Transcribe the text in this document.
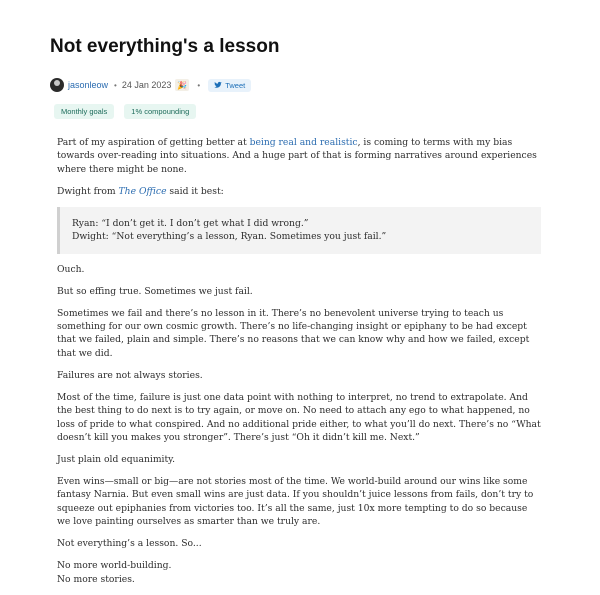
Not everything's a lesson
jasonleow • 24 Jan 2023 🎉 •	Tweet
Monthly goals	1% compounding

Part of my aspiration of getting better at being real and realistic, is coming to terms with my bias towards over-reading into situations. And a huge part of that is forming narratives around experiences where there might be none.

Dwight from The Office said it best:

Ryan: “I don’t get it. I don’t get what I did wrong.”

Dwight: “Not everything’s a lesson, Ryan. Sometimes you just fail.”

Ouch.

But so effing true. Sometimes we just fail.

Sometimes we fail and there’s no lesson in it. There’s no benevolent universe trying to teach us something for our own cosmic growth. There’s no life-changing insight or epiphany to be had except that we failed, plain and simple. There’s no reasons that we can know why and how we failed, except that we did.

Failures are not always stories.

Most of the time, failure is just one data point with nothing to interpret, no trend to extrapolate. And the best thing to do next is to try again, or move on. No need to attach any ego to what happened, no loss of pride to what conspired. And no additional pride either, to what you’ll do next. There’s no “What doesn’t kill you makes you stronger”. There’s just “Oh it didn’t kill me. Next.”

Just plain old equanimity.

Even wins—small or big—are not stories most of the time. We world-build around our wins like some fantasy Narnia. But even small wins are just data. If you shouldn’t juice lessons from fails, don’t try to squeeze out epiphanies from victories too. It’s all the same, just 10x more tempting to do so because we love painting ourselves as smarter than we truly are.

Not everything’s a lesson. So...

No more world-building.
No more stories.
